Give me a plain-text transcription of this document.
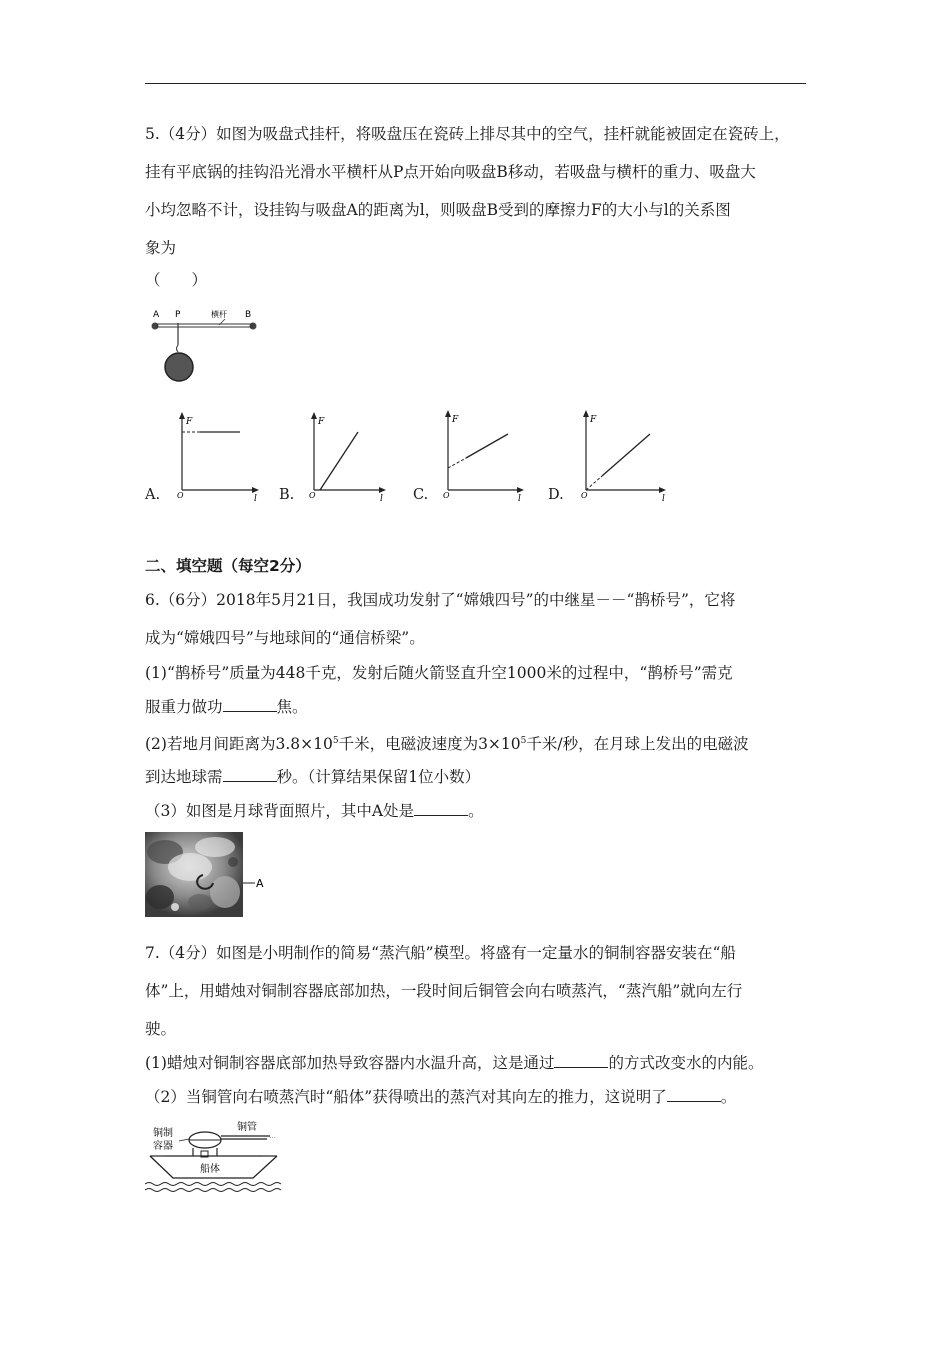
5.（4分）如图为吸盘式挂杆，将吸盘压在瓷砖上排尽其中的空气，挂杆就能被固定在瓷砖上，
挂有平底锅的挂钩沿光滑水平横杆从P点开始向吸盘B移动，若吸盘与横杆的重力、吸盘大
小均忽略不计，设挂钩与吸盘A的距离为l，则吸盘B受到的摩擦力F的大小与l的关系图
象为
（　　）
A P	横杆 B
A.
F
l
O	B.
F
l
O	C.
F
l
O	D.
F
l
O
二、填空题（每空2分）
6.（6分）2018年5月21日，我国成功发射了“嫦娥四号”的中继星－－“鹊桥号”，它将
成为“嫦娥四号”与地球间的“通信桥梁”。
(1)“鹊桥号”质量为448千克，发射后随火箭竖直升空1000米的过程中，“鹊桥号”需克
服重力做功	焦。
(2)若地月间距离为$3.8\times 10^5$千米，电磁波速度为$3\times 10^5$千米/秒，在月球上发出的电磁波
到达地球需	秒。（计算结果保留1位小数）
（3）如图是月球背面照片，其中A处是	。
A
7.（4分）如图是小明制作的简易“蒸汽船”模型。将盛有一定量水的铜制容器安装在“船
体”上，用蜡烛对铜制容器底部加热，一段时间后铜管会向右喷蒸汽，“蒸汽船”就向左行
驶。
(1)蜡烛对铜制容器底部加热导致容器内水温升高，这是通过	的方式改变水的内能。
（2）当铜管向右喷蒸汽时“船体”获得喷出的蒸汽对其向左的推力，这说明了	。
铜制
容器
铜管
⋯
船体
